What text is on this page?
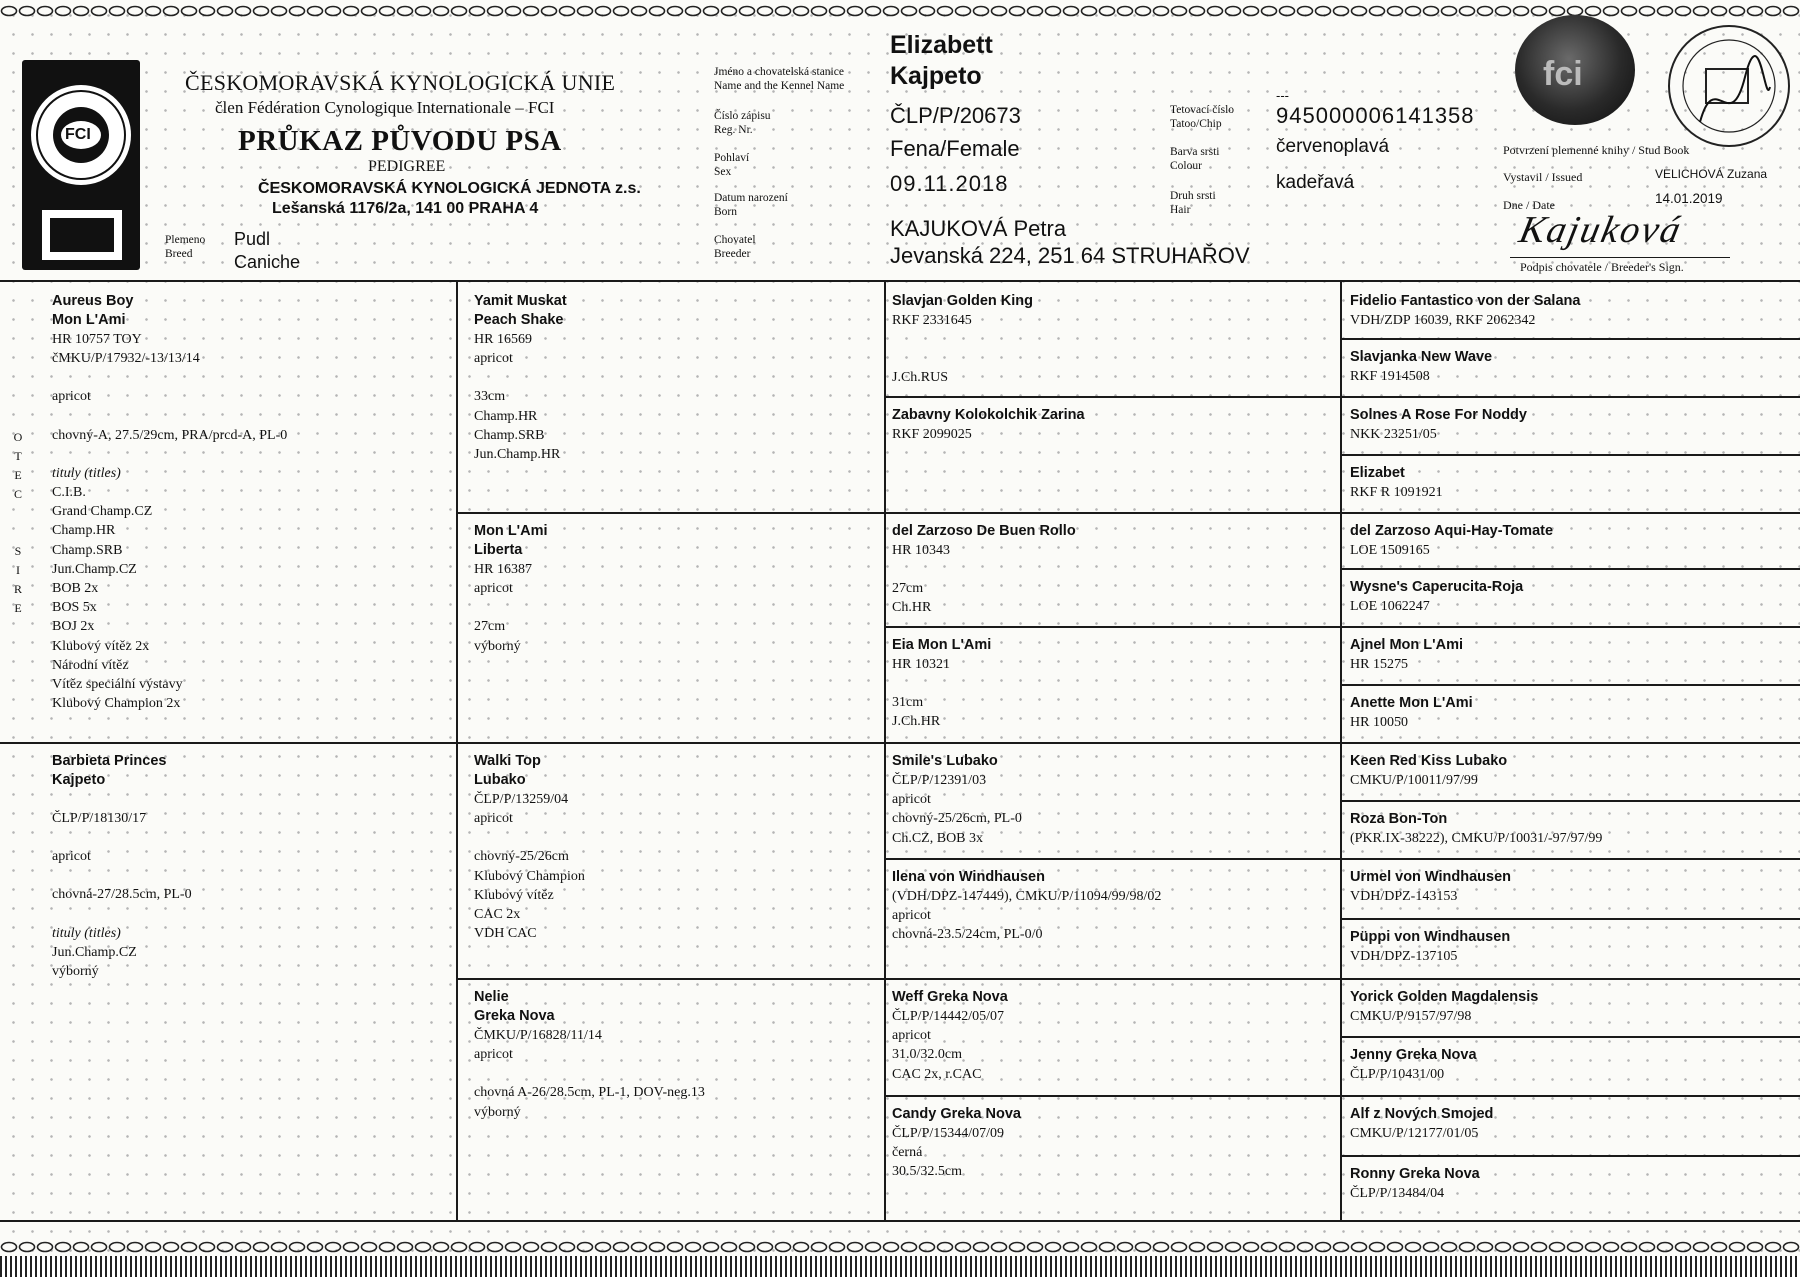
FCI
ČESKOMORAVSKÁ KYNOLOGICKÁ UNIE
člen Fédération Cynologique Internationale – FCI
PRŮKAZ PŮVODU PSA
PEDIGREE
ČESKOMORAVSKÁ KYNOLOGICKÁ JEDNOTA z.s.
Lešanská 1176/2a, 141 00 PRAHA 4
Plemeno
Breed
Pudl
Caniche
Jméno a chovatelská stanice
Name and the Kennel Name
Číslo zápisu
Reg. Nr.
Pohlaví
Sex
Datum narození
Born
Chovatel
Breeder
Elizabett
Kajpeto
ČLP/P/20673
Fena/Female
09.11.2018
KAJUKOVÁ Petra
Jevanská 224, 251 64 STRUHAŘOV
Tetovací číslo
Tatoo/Chip
Barva srsti
Colour
Druh srsti
Hair
---
945000006141358
červenoplavá
kadeřavá
fci
Potvrzení plemenné knihy / Stud Book
Vystavil / Issued	VELICHOVÁ Zuzana
Dne / Date	14.01.2019
Kajuková
Podpis chovatele / Breeder's Sign.
O
T
E
C
S
I
R
E
Aureus Boy
Mon L'Ami
HR 10757 TOY
čMKU/P/17932/-13/13/14
apricot
chovný-A, 27.5/29cm, PRA/prcd-A, PL-0
tituly (titles)
C.I.B.
Grand Champ.CZ
Champ.HR
Champ.SRB
Jun.Champ.CZ
BOB 2x
BOS 5x
BOJ 2x
Klubový vítěz 2x
Národní vítěz
Vítěz speciální výstavy
Klubový Champion 2x
Barbieta Princes
Kajpeto
ČLP/P/18130/17
apricot
chovná-27/28.5cm, PL-0
tituly (titles)
Jun.Champ.CZ
výborný
Yamit Muskat
Peach Shake
HR 16569
apricot
33cm
Champ.HR
Champ.SRB
Jun.Champ.HR
Mon L'Ami
Liberta
HR 16387
apricot
27cm
výborný
Walki Top
Lubako
ČLP/P/13259/04
apricot
chovný-25/26cm
Klubový Champion
Klubový vítěz
CAC 2x
VDH CAC
Nelie
Greka Nova
ČMKU/P/16828/11/14
apricot
chovná A-26/28.5cm, PL-1, DOV-neg.13
výborný
Slavjan Golden King
RKF 2331645
J.Ch.RUS
Zabavny Kolokolchik Zarina
RKF 2099025
del Zarzoso De Buen Rollo
HR 10343
27cm
Ch.HR
Eia Mon L'Ami
HR 10321
31cm
J.Ch.HR
Smile's Lubako
ČLP/P/12391/03
apricot
chovný-25/26cm, PL-0
Ch.CZ, BOB 3x
Ilena von Windhausen
(VDH/DPZ-147449), CMKU/P/11094/99/98/02
apricot
chovná-23.5/24cm, PL-0/0
Weff Greka Nova
ČLP/P/14442/05/07
apricot
31.0/32.0cm
CAC 2x, r.CAC
Candy Greka Nova
ČLP/P/15344/07/09
černá
30.5/32.5cm
Fidelio Fantastico von der Salana
VDH/ZDP 16039, RKF 2062342
Slavjanka New Wave
RKF 1914508
Solnes A Rose For Noddy
NKK 23251/05
Elizabet
RKF R 1091921
del Zarzoso Aqui-Hay-Tomate
LOE 1509165
Wysne's Caperucita-Roja
LOE 1062247
Ajnel Mon L'Ami
HR 15275
Anette Mon L'Ami
HR 10050
Keen Red Kiss Lubako
CMKU/P/10011/97/99
Roza Bon-Ton
(PKR.IX-38222), CMKU/P/10031/-97/97/99
Urmel von Windhausen
VDH/DPZ-143153
Püppi von Windhausen
VDH/DPZ-137105
Yorick Golden Magdalensis
CMKU/P/9157/97/98
Jenny Greka Nova
ČLP/P/10431/00
Alf z Nových Smojed
CMKU/P/12177/01/05
Ronny Greka Nova
ČLP/P/13484/04
